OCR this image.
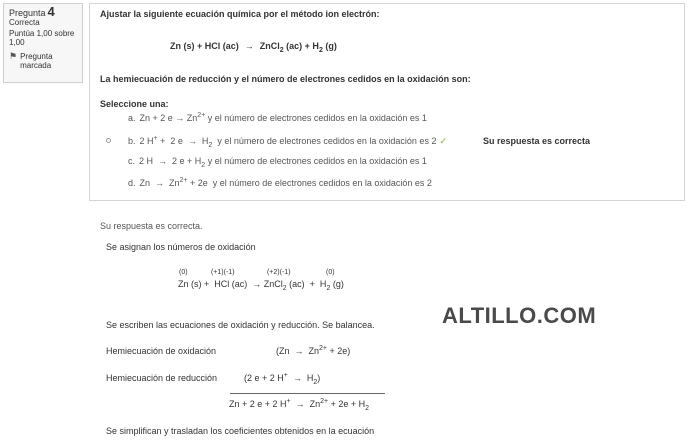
Pregunta 4
Correcta
Puntúa 1,00 sobre
1,00
⚑ Pregunta
marcada
Ajustar la siguiente ecuación química por el método ion electrón:
Zn (s) + HCl (ac) → ZnCl$_2$ $(ac) + H_2$ (g)
La hemiecuación de reducción y el número de electrones cedidos en la oxidación son:
Seleccione una:
a. Zn + 2 $e \to Zn^{2+}$ y el número de electrones cedidos en la oxidación es 1
b. 2 H+ +  2 $e \to H_2$  y el número de electrones cedidos en la oxidación es 2 ✓	Su respuesta es correcta
c. 2 H  →  2 $e + H_2$ y el número de electrones cedidos en la oxidación es 1
d. $Zn \to Zn^{2+} + 2e$  y el número de electrones cedidos en la oxidación es 2
Su respuesta es correcta.
Se asignan los números de oxidación
(0)	(+1)(-1)	(+2)(-1)	(0)
Zn (s) +  HCl (ac)  → ZnCl$_2$ $(ac) + H_2$ (g)
ALTILLO.COM
Se escriben las ecuaciones de oxidación y reducción. Se balancea.
Hemiecuación de oxidación	$(Zn \to Zn^{2+} + 2e)$
Hemiecuación de reducción	(2 e + 2 $H^+ \to H_2$)
Zn + 2 e + 2 $H^+ \to Zn^{2+} + 2e + H_2$
Se simplifican y trasladan los coeficientes obtenidos en la ecuación
